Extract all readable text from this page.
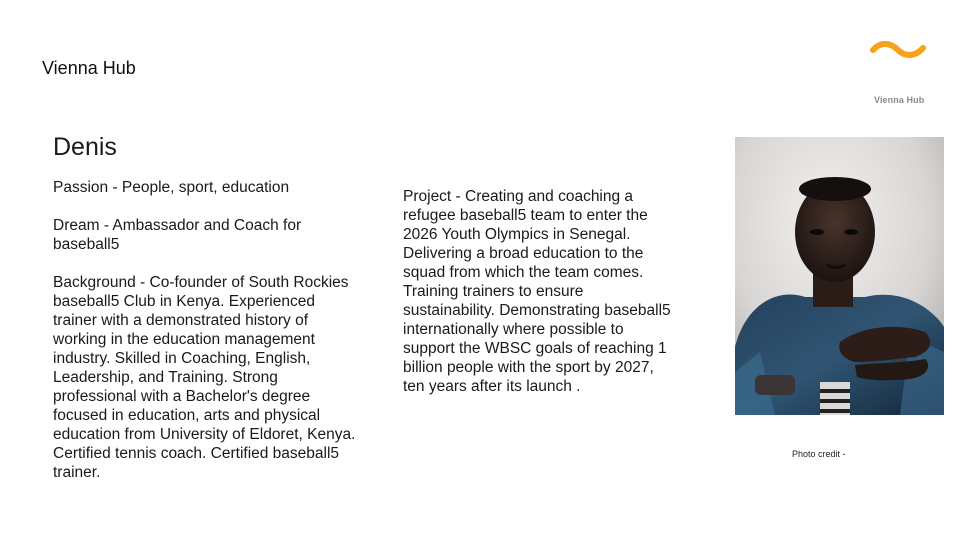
Vienna Hub
Vienna Hub
Denis

Passion - People, sport, education

Dream - Ambassador and Coach for baseball5

Background - Co-founder of South Rockies baseball5 Club in Kenya. Experienced trainer with a demonstrated history of working in the education management industry. Skilled in Coaching, English, Leadership, and Training. Strong professional with a Bachelor's degree focused in education, arts and physical education from University of Eldoret, Kenya. Certified tennis coach. Certified baseball5 trainer.

Project - Creating and coaching a refugee baseball5 team to enter the 2026 Youth Olympics in Senegal. Delivering a broad education to the squad from which the team comes. Training trainers to ensure sustainability. Demonstrating baseball5 internationally where possible to support the WBSC goals of reaching 1 billion people with the sport by 2027, ten years after its launch .

Photo credit -
